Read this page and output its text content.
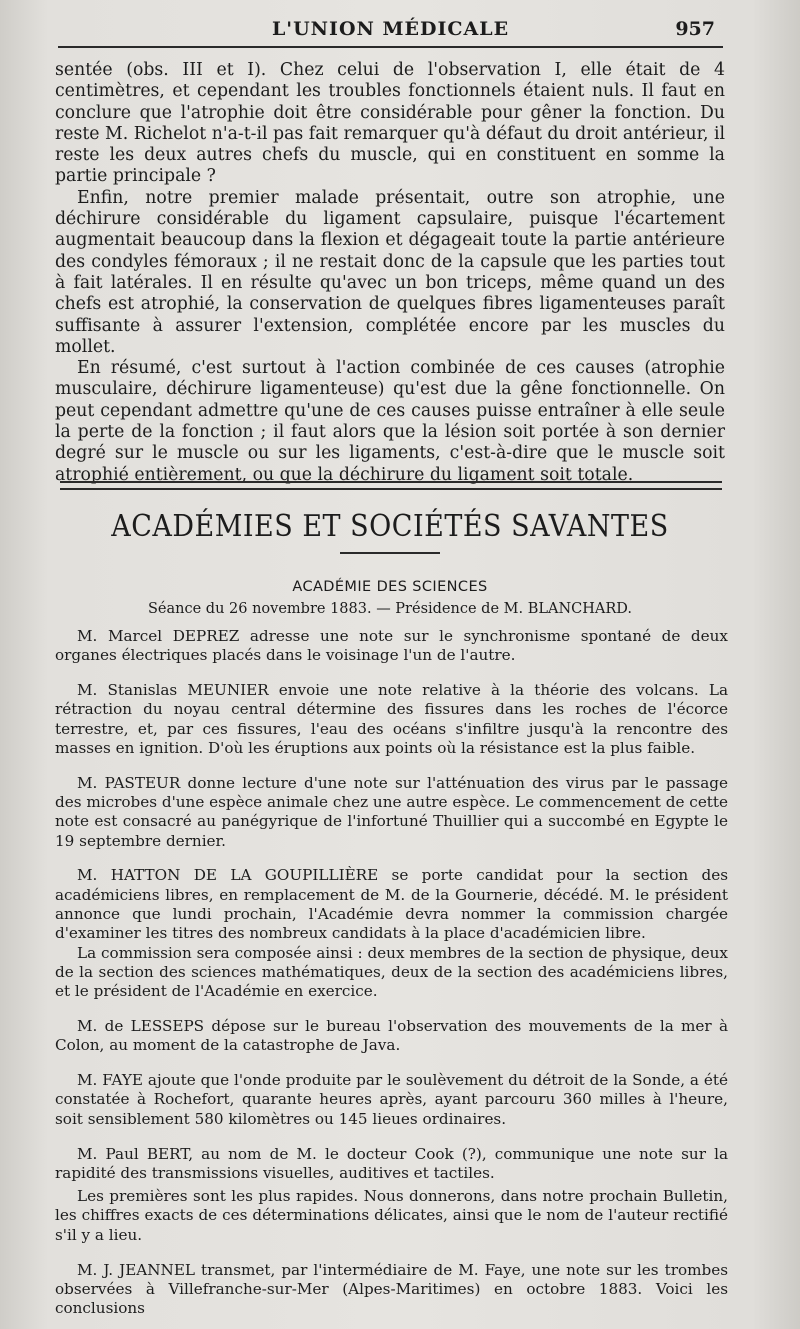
L'UNION MÉDICALE	957

sentée (obs. III et I). Chez celui de l'observation I, elle était de 4 centimètres, et cependant les troubles fonctionnels étaient nuls. Il faut en conclure que l'atrophie doit être considérable pour gêner la fonction. Du reste M. Richelot n'a-t-il pas fait remarquer qu'à défaut du droit antérieur, il reste les deux autres chefs du muscle, qui en constituent en somme la partie principale ?

Enfin, notre premier malade présentait, outre son atrophie, une déchirure considérable du ligament capsulaire, puisque l'écartement augmentait beaucoup dans la flexion et dégageait toute la partie antérieure des condyles fémoraux ; il ne restait donc de la capsule que les parties tout à fait latérales. Il en résulte qu'avec un bon triceps, même quand un des chefs est atrophié, la conservation de quelques fibres ligamenteuses paraît suffisante à assurer l'extension, complétée encore par les muscles du mollet.

En résumé, c'est surtout à l'action combinée de ces causes (atrophie musculaire, déchirure ligamenteuse) qu'est due la gêne fonctionnelle. On peut cependant admettre qu'une de ces causes puisse entraîner à elle seule la perte de la fonction ; il faut alors que la lésion soit portée à son dernier degré sur le muscle ou sur les ligaments, c'est-à-dire que le muscle soit atrophié entièrement, ou que la déchirure du ligament soit totale.

ACADÉMIES ET SOCIÉTÉS SAVANTES
ACADÉMIE DES SCIENCES
Séance du 26 novembre 1883. — Présidence de M. BLANCHARD.

M. Marcel DEPREZ adresse une note sur le synchronisme spontané de deux organes électriques placés dans le voisinage l'un de l'autre.

M. Stanislas MEUNIER envoie une note relative à la théorie des volcans. La rétraction du noyau central détermine des fissures dans les roches de l'écorce terrestre, et, par ces fissures, l'eau des océans s'infiltre jusqu'à la rencontre des masses en ignition. D'où les éruptions aux points où la résistance est la plus faible.

M. PASTEUR donne lecture d'une note sur l'atténuation des virus par le passage des microbes d'une espèce animale chez une autre espèce. Le commencement de cette note est consacré au panégyrique de l'infortuné Thuillier qui a succombé en Egypte le 19 septembre dernier.

M. HATTON DE LA GOUPILLIÈRE se porte candidat pour la section des académiciens libres, en remplacement de M. de la Gournerie, décédé. M. le président annonce que lundi prochain, l'Académie devra nommer la commission chargée d'examiner les titres des nombreux candidats à la place d'académicien libre.

La commission sera composée ainsi : deux membres de la section de physique, deux de la section des sciences mathématiques, deux de la section des académiciens libres, et le président de l'Académie en exercice.

M. de LESSEPS dépose sur le bureau l'observation des mouvements de la mer à Colon, au moment de la catastrophe de Java.

M. FAYE ajoute que l'onde produite par le soulèvement du détroit de la Sonde, a été constatée à Rochefort, quarante heures après, ayant parcouru 360 milles à l'heure, soit sensiblement 580 kilomètres ou 145 lieues ordinaires.

M. Paul BERT, au nom de M. le docteur Cook (?), communique une note sur la rapidité des transmissions visuelles, auditives et tactiles.

Les premières sont les plus rapides. Nous donnerons, dans notre prochain Bulletin, les chiffres exacts de ces déterminations délicates, ainsi que le nom de l'auteur rectifié s'il y a lieu.

M. J. JEANNEL transmet, par l'intermédiaire de M. Faye, une note sur les trombes observées à Villefranche-sur-Mer (Alpes-Maritimes) en octobre 1883. Voici les conclusions
